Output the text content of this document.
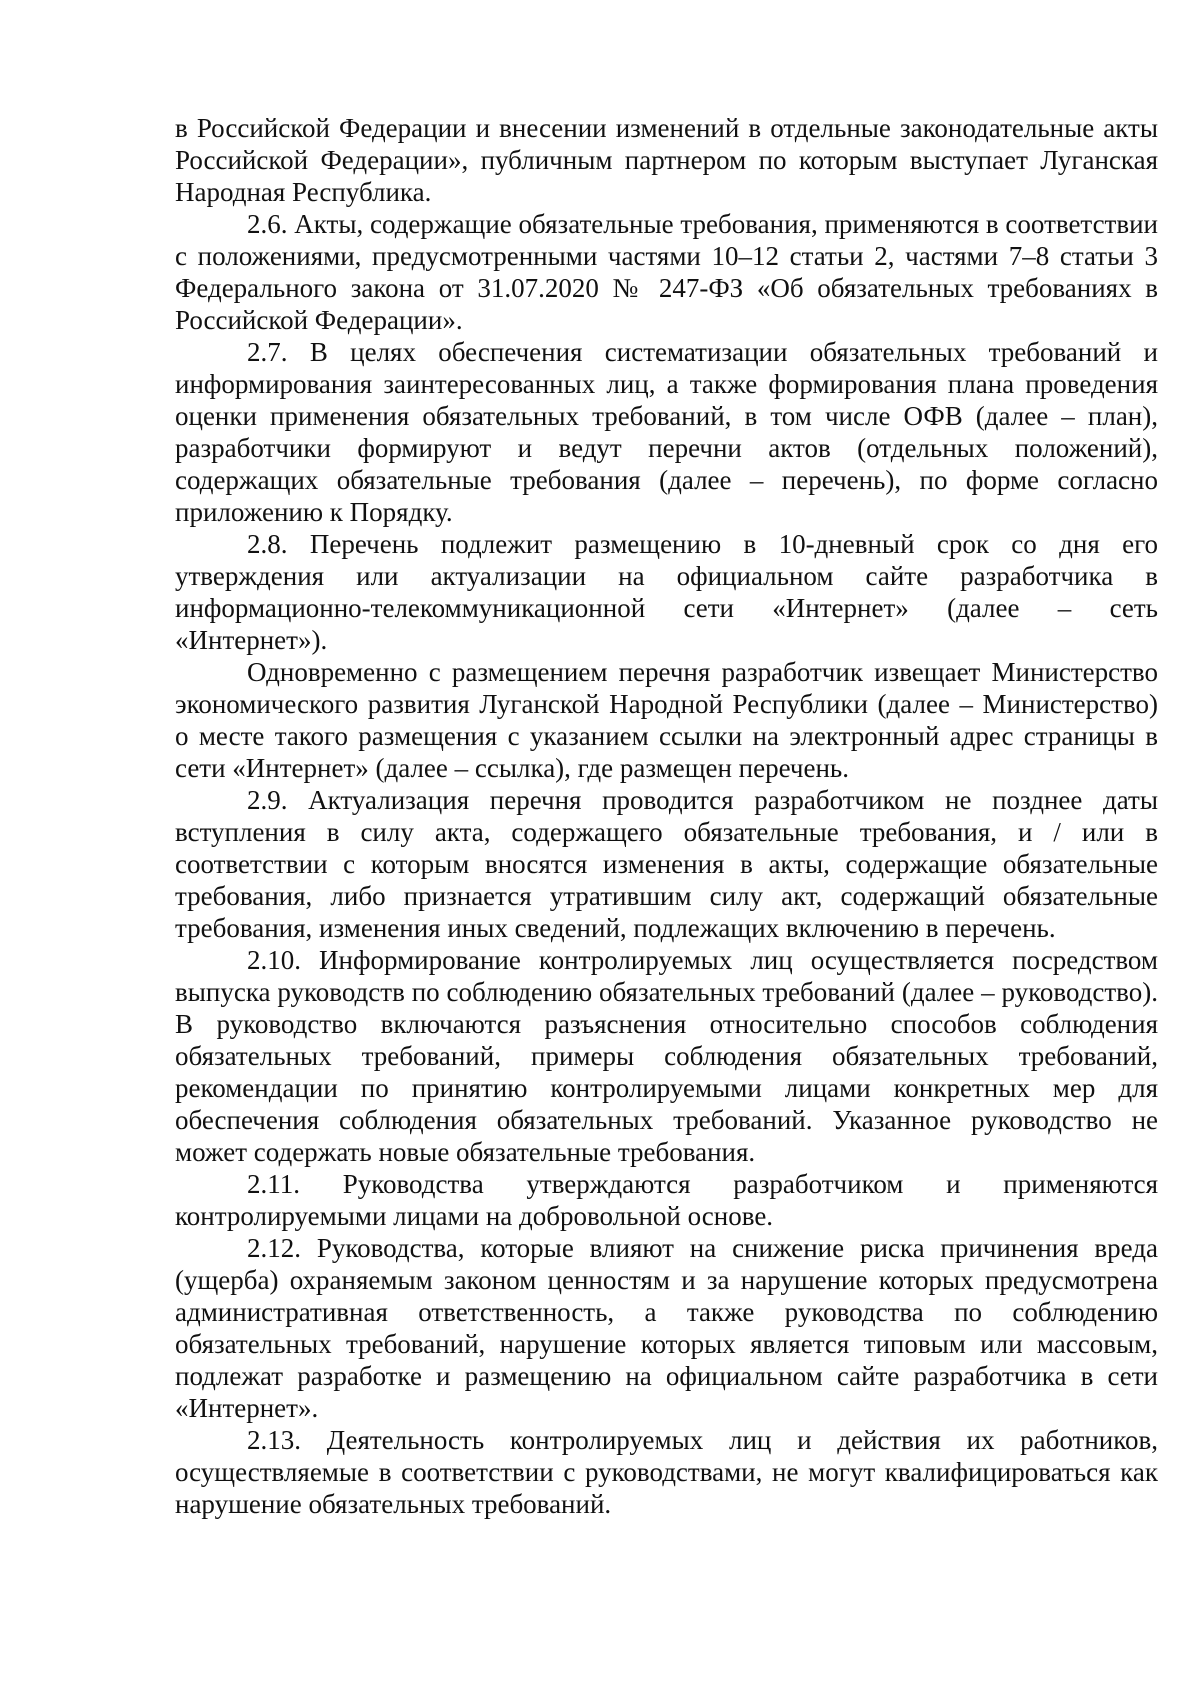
в Российской Федерации и внесении изменений в отдельные законодательные акты Российской Федерации», публичным партнером по которым выступает Луганская Народная Республика.

2.6. Акты, содержащие обязательные требования, применяются в соответствии с положениями, предусмотренными частями 10–12 статьи 2, частями 7–8 статьи 3 Федерального закона от 31.07.2020 № 247-ФЗ «Об обязательных требованиях в Российской Федерации».

2.7. В целях обеспечения систематизации обязательных требований и информирования заинтересованных лиц, а также формирования плана проведения оценки применения обязательных требований, в том числе ОФВ (далее – план), разработчики формируют и ведут перечни актов (отдельных положений), содержащих обязательные требования (далее – перечень), по форме согласно приложению к Порядку.

2.8. Перечень подлежит размещению в 10-дневный срок со дня его утверждения или актуализации на официальном сайте разработчика в информационно-телекоммуникационной сети «Интернет» (далее – сеть «Интернет»).

Одновременно с размещением перечня разработчик извещает Министерство экономического развития Луганской Народной Республики (далее – Министерство) о месте такого размещения с указанием ссылки на электронный адрес страницы в сети «Интернет» (далее – ссылка), где размещен перечень.

2.9. Актуализация перечня проводится разработчиком не позднее даты вступления в силу акта, содержащего обязательные требования, и / или в соответствии с которым вносятся изменения в акты, содержащие обязательные требования, либо признается утратившим силу акт, содержащий обязательные требования, изменения иных сведений, подлежащих включению в перечень.

2.10. Информирование контролируемых лиц осуществляется посредством выпуска руководств по соблюдению обязательных требований (далее – руководство). В руководство включаются разъяснения относительно способов соблюдения обязательных требований, примеры соблюдения обязательных требований, рекомендации по принятию контролируемыми лицами конкретных мер для обеспечения соблюдения обязательных требований. Указанное руководство не может содержать новые обязательные требования.

2.11. Руководства утверждаются разработчиком и применяются контролируемыми лицами на добровольной основе.

2.12. Руководства, которые влияют на снижение риска причинения вреда (ущерба) охраняемым законом ценностям и за нарушение которых предусмотрена административная ответственность, а также руководства по соблюдению обязательных требований, нарушение которых является типовым или массовым, подлежат разработке и размещению на официальном сайте разработчика в сети «Интернет».

2.13. Деятельность контролируемых лиц и действия их работников, осуществляемые в соответствии с руководствами, не могут квалифицироваться как нарушение обязательных требований.
